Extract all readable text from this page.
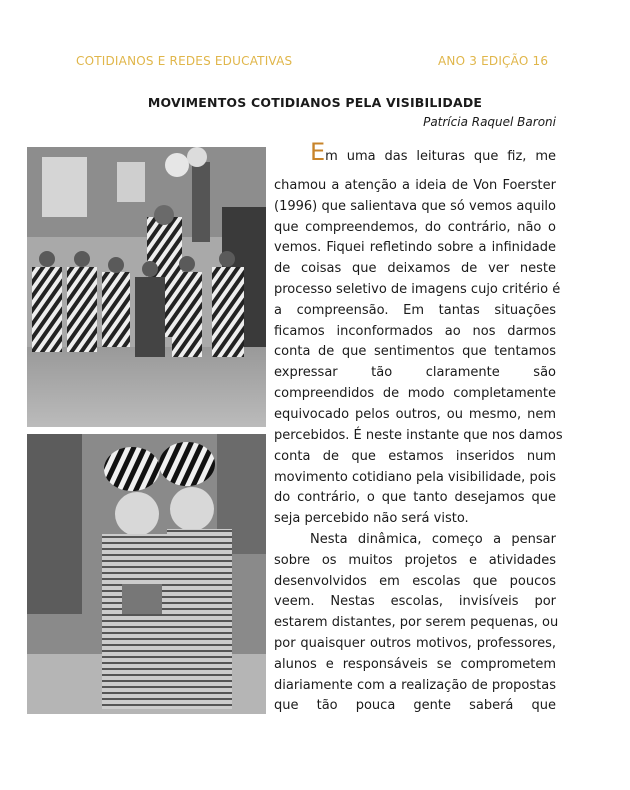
COTIDIANOS E REDES EDUCATIVAS	ANO 3 EDIÇÃO 16
MOVIMENTOS COTIDIANOS PELA VISIBILIDADE
Patrícia Raquel Baroni
Em uma das leituras que fiz, me
chamou a atenção a ideia de Von Foerster
(1996) que salientava que só vemos aquilo
que compreendemos, do contrário, não o
vemos. Fiquei refletindo sobre a infinidade
de coisas que deixamos de ver neste
processo seletivo de imagens cujo critério é
a compreensão. Em tantas situações
ficamos inconformados ao nos darmos
conta de que sentimentos que tentamos
expressar tão claramente são
compreendidos de modo completamente
equivocado pelos outros, ou mesmo, nem
percebidos. É neste instante que nos damos
conta de que estamos inseridos num
movimento cotidiano pela visibilidade, pois
do contrário, o que tanto desejamos que
seja percebido não será visto.
Nesta dinâmica, começo a pensar
sobre os muitos projetos e atividades
desenvolvidos em escolas que poucos
veem. Nestas escolas, invisíveis por
estarem distantes, por serem pequenas, ou
por quaisquer outros motivos, professores,
alunos e responsáveis se comprometem
diariamente com a realização de propostas
que tão pouca gente saberá que
